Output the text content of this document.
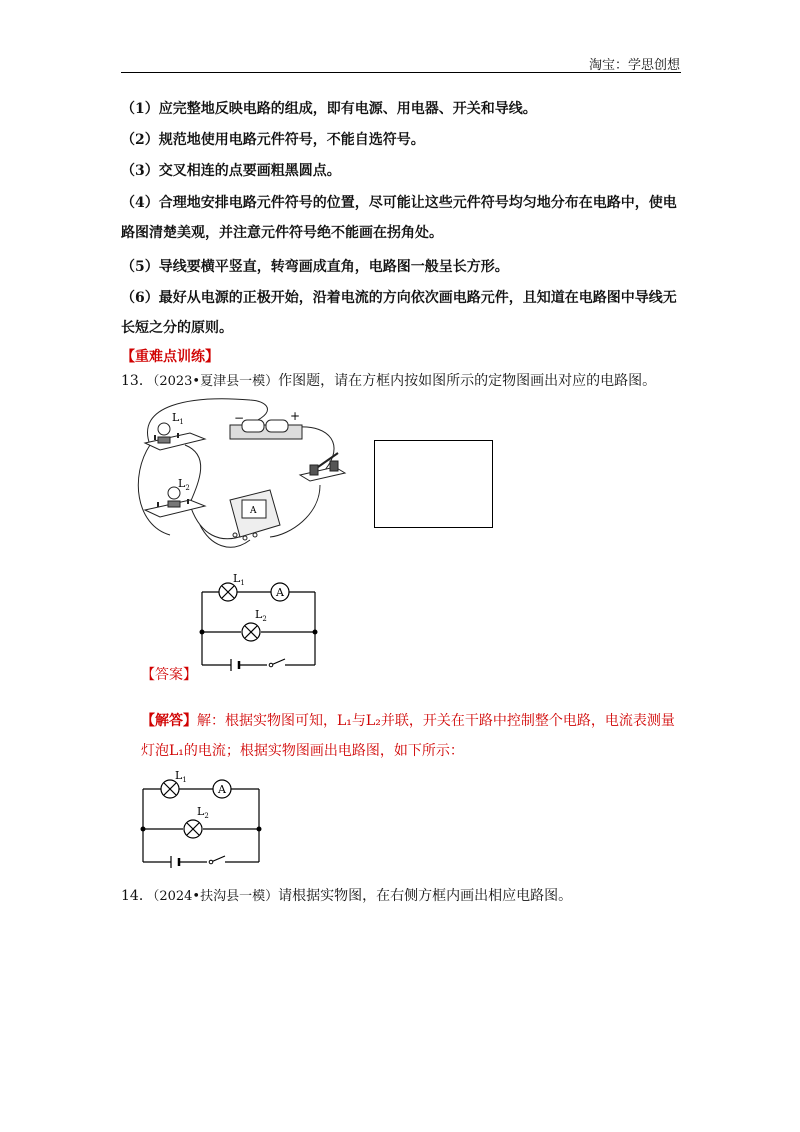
淘宝：学思创想
（1）应完整地反映电路的组成，即有电源、用电器、开关和导线。
（2）规范地使用电路元件符号，不能自选符号。
（3）交叉相连的点要画粗黑圆点。
（4）合理地安排电路元件符号的位置，尽可能让这些元件符号均匀地分布在电路中，使电路图清楚美观，并注意元件符号绝不能画在拐角处。
（5）导线要横平竖直，转弯画成直角，电路图一般呈长方形。
（6）最好从电源的正极开始，沿着电流的方向依次画电路元件，且知道在电路图中导线无长短之分的原则。
【重难点训练】
13．（2023•夏津县一模）作图题，请在方框内按如图所示的定物图画出对应的电路图。
$L_1$
$L_2$
−	+
A
A
$L_1$
$L_2$
【答案】
【解答】解：根据实物图可知，L₁与L₂并联，开关在干路中控制整个电路，电流表测量灯泡L₁的电流；根据实物图画出电路图，如下所示：
A
$L_1$
$L_2$
14．（2024•扶沟县一模）请根据实物图，在右侧方框内画出相应电路图。
